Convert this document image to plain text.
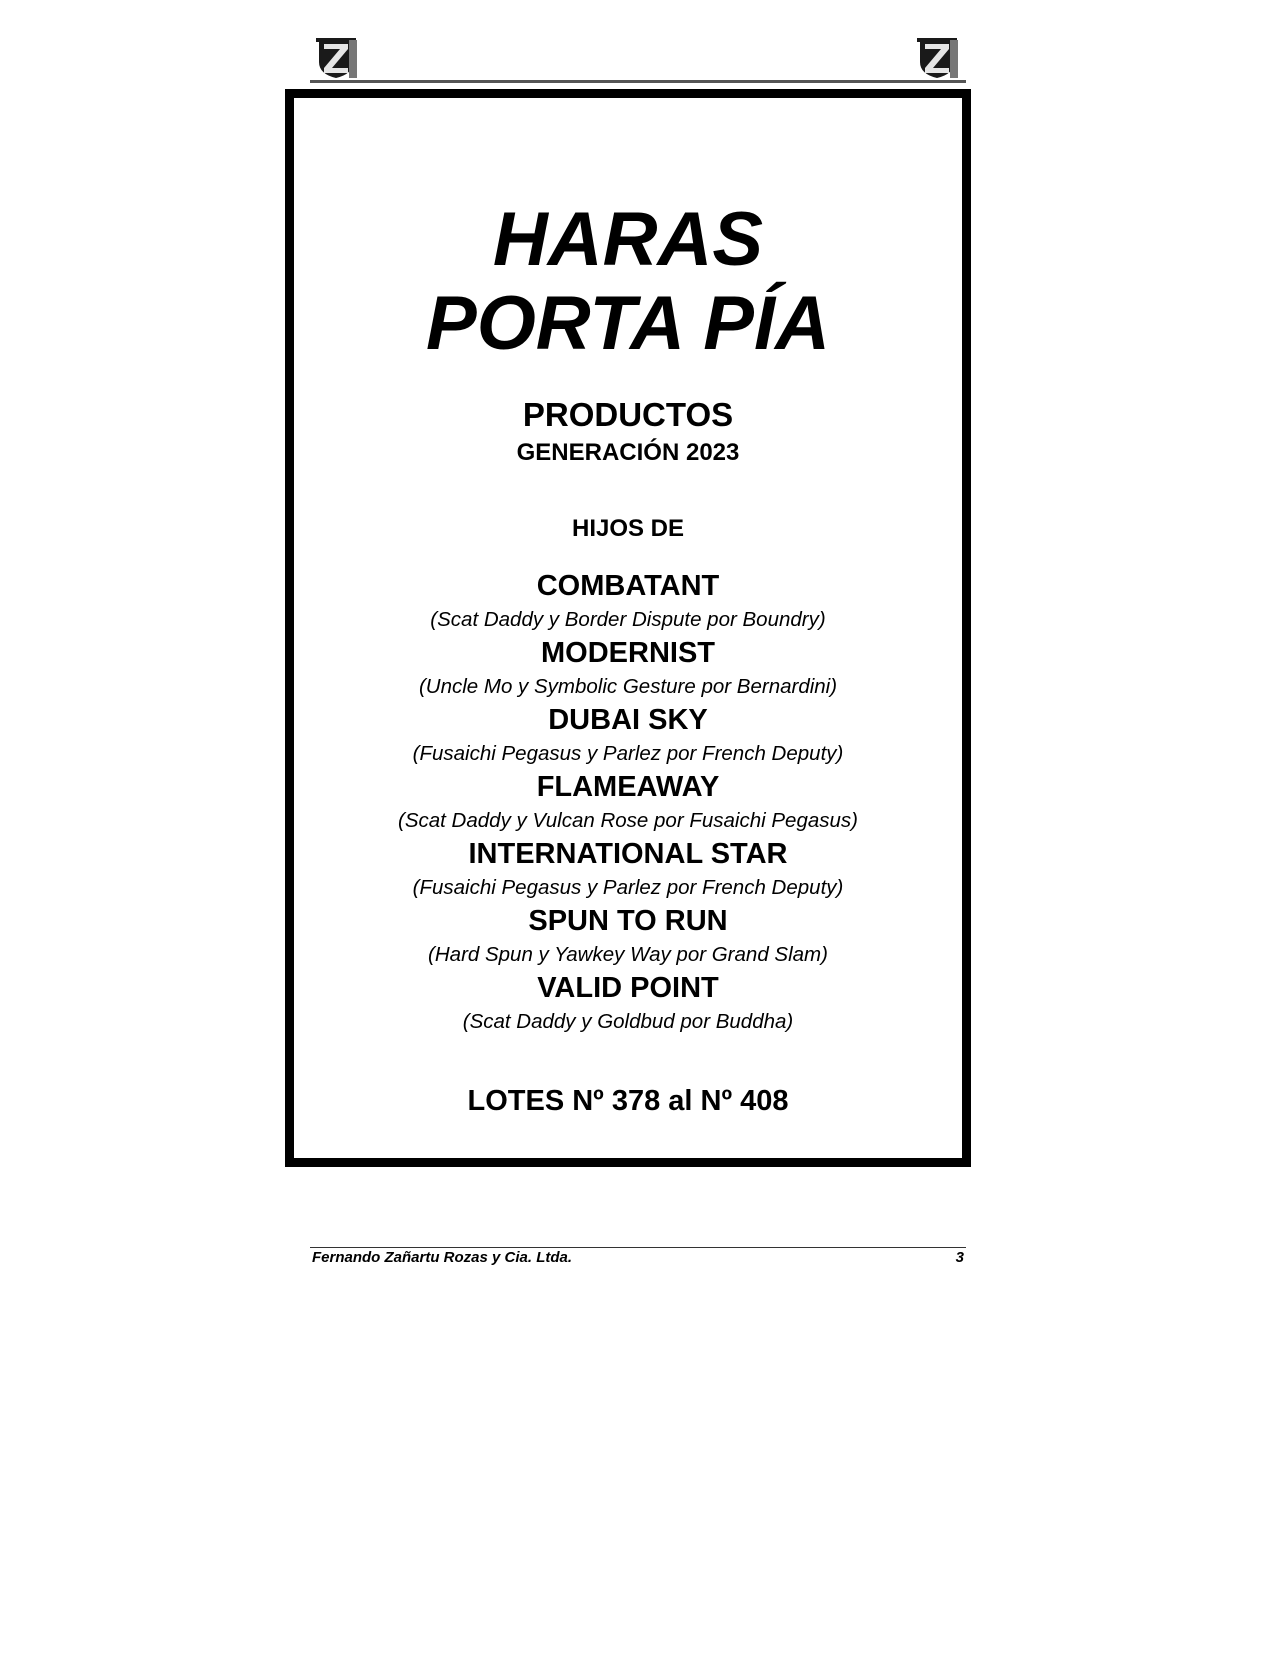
HARAS
PORTA PÍA
PRODUCTOS
GENERACIÓN 2023
HIJOS DE
COMBATANT
(Scat Daddy y Border Dispute por Boundry)
MODERNIST
(Uncle Mo y Symbolic Gesture por Bernardini)
DUBAI SKY
(Fusaichi Pegasus y Parlez por French Deputy)
FLAMEAWAY
(Scat Daddy y Vulcan Rose por Fusaichi Pegasus)
INTERNATIONAL STAR
(Fusaichi Pegasus y Parlez por French Deputy)
SPUN TO RUN
(Hard Spun y Yawkey Way por Grand Slam)
VALID POINT
(Scat Daddy y Goldbud por Buddha)
LOTES Nº 378 al Nº 408
Fernando Zañartu Rozas y Cia. Ltda.	3
